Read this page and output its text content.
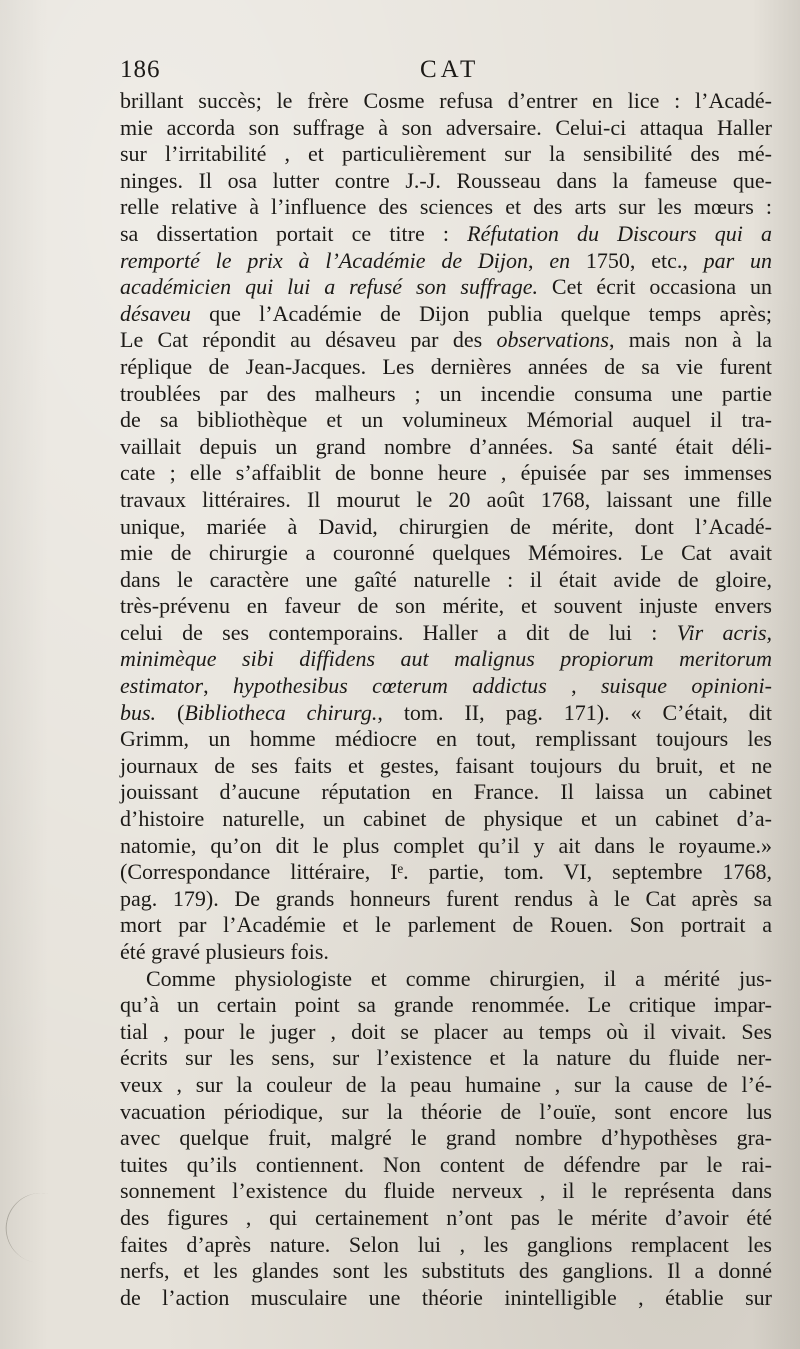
186	CAT
brillant succès; le frère Cosme refusa d’entrer en lice : l’Acadé-
mie accorda son suffrage à son adversaire. Celui-ci attaqua Haller
sur l’irritabilité , et particulièrement sur la sensibilité des mé-
ninges. Il osa lutter contre J.-J. Rousseau dans la fameuse que-
relle relative à l’influence des sciences et des arts sur les mœurs :
sa dissertation portait ce titre : Réfutation du Discours qui a
remporté le prix à l’Académie de Dijon, en 1750, etc., par un
académicien qui lui a refusé son suffrage. Cet écrit occasiona un
désaveu que l’Académie de Dijon publia quelque temps après;
Le Cat répondit au désaveu par des observations, mais non à la
réplique de Jean-Jacques. Les dernières années de sa vie furent
troublées par des malheurs ; un incendie consuma une partie
de sa bibliothèque et un volumineux Mémorial auquel il tra-
vaillait depuis un grand nombre d’années. Sa santé était déli-
cate ; elle s’affaiblit de bonne heure , épuisée par ses immenses
travaux littéraires. Il mourut le 20 août 1768, laissant une fille
unique, mariée à David, chirurgien de mérite, dont l’Acadé-
mie de chirurgie a couronné quelques Mémoires. Le Cat avait
dans le caractère une gaîté naturelle : il était avide de gloire,
très-prévenu en faveur de son mérite, et souvent injuste envers
celui de ses contemporains. Haller a dit de lui : Vir acris,
minimèque sibi diffidens aut malignus propiorum meritorum
estimator, hypothesibus cœterum addictus , suisque opinioni-
bus. (Bibliotheca chirurg., tom. II, pag. 171). « C’était, dit
Grimm, un homme médiocre en tout, remplissant toujours les
journaux de ses faits et gestes, faisant toujours du bruit, et ne
jouissant d’aucune réputation en France. Il laissa un cabinet
d’histoire naturelle, un cabinet de physique et un cabinet d’a-
natomie, qu’on dit le plus complet qu’il y ait dans le royaume.»
(Correspondance littéraire, Iᵉ. partie, tom. VI, septembre 1768,
pag. 179). De grands honneurs furent rendus à le Cat après sa
mort par l’Académie et le parlement de Rouen. Son portrait a
été gravé plusieurs fois.
Comme physiologiste et comme chirurgien, il a mérité jus-
qu’à un certain point sa grande renommée. Le critique impar-
tial , pour le juger , doit se placer au temps où il vivait. Ses
écrits sur les sens, sur l’existence et la nature du fluide ner-
veux , sur la couleur de la peau humaine , sur la cause de l’é-
vacuation périodique, sur la théorie de l’ouïe, sont encore lus
avec quelque fruit, malgré le grand nombre d’hypothèses gra-
tuites qu’ils contiennent. Non content de défendre par le rai-
sonnement l’existence du fluide nerveux , il le représenta dans
des figures , qui certainement n’ont pas le mérite d’avoir été
faites d’après nature. Selon lui , les ganglions remplacent les
nerfs, et les glandes sont les substituts des ganglions. Il a donné
de l’action musculaire une théorie inintelligible , établie sur
